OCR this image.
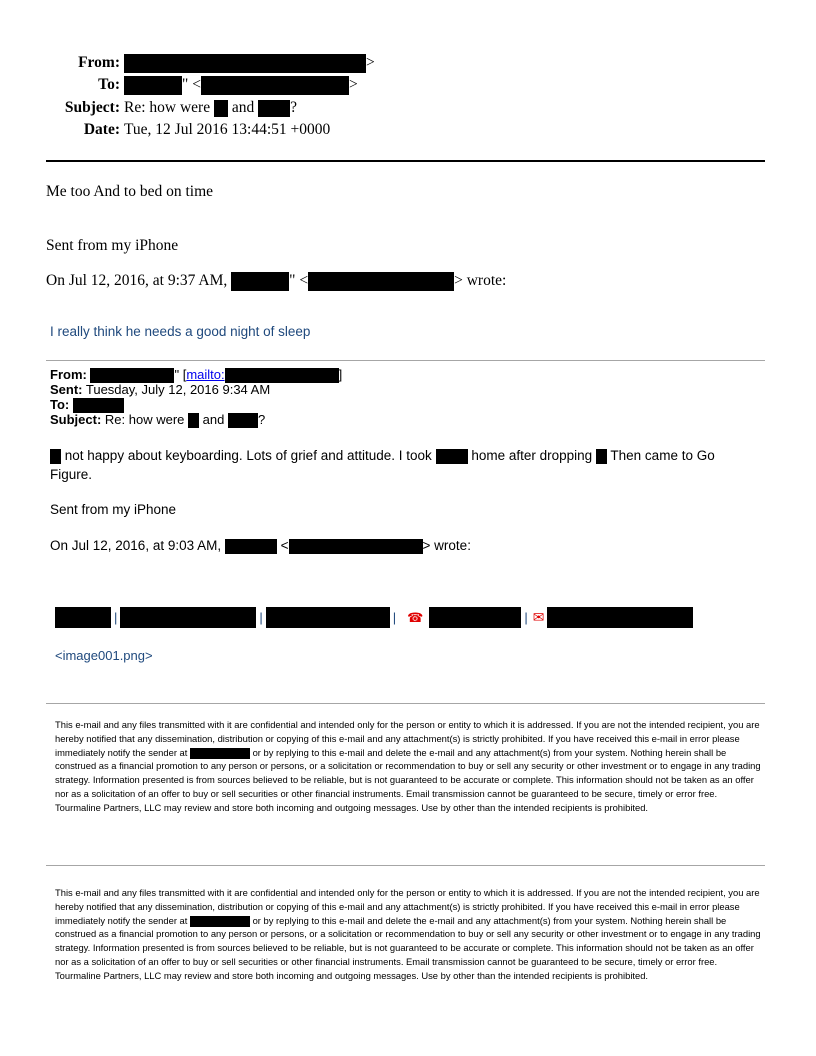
From:	>
To:	" <	>
Subject: Re: how were and ?
Date: Tue, 12 Jul 2016 13:44:51 +0000
Me too And to bed on time
Sent from my iPhone
On Jul 12, 2016, at 9:37 AM,	" <	> wrote:
I really think he needs a good night of sleep
From:	" [mailto:	]
Sent: Tuesday, July 12, 2016 9:34 AM
To:
Subject: Re: how were and	?
not happy about keyboarding. Lots of grief and attitude. I took	home after dropping  Then came to Go Figure.
Sent from my iPhone
On Jul 12, 2016, at 9:03 AM,	<	> wrote:
|	|	| ☎	| ✉
<image001.png>
This e-mail and any files transmitted with it are confidential and intended only for the person or entity to which it is addressed. If you are not the intended recipient, you are hereby notified that any dissemination, distribution or copying of this e-mail and any attachment(s) is strictly prohibited. If you have received this e-mail in error please immediately notify the sender at	or by replying to this e-mail and delete the e-mail and any attachment(s) from your system. Nothing herein shall be construed as a financial promotion to any person or persons, or a solicitation or recommendation to buy or sell any security or other investment or to engage in any trading strategy. Information presented is from sources believed to be reliable, but is not guaranteed to be accurate or complete. This information should not be taken as an offer nor as a solicitation of an offer to buy or sell securities or other financial instruments. Email transmission cannot be guaranteed to be secure, timely or error free. Tourmaline Partners, LLC may review and store both incoming and outgoing messages. Use by other than the intended recipients is prohibited.
This e-mail and any files transmitted with it are confidential and intended only for the person or entity to which it is addressed. If you are not the intended recipient, you are hereby notified that any dissemination, distribution or copying of this e-mail and any attachment(s) is strictly prohibited. If you have received this e-mail in error please immediately notify the sender at	or by replying to this e-mail and delete the e-mail and any attachment(s) from your system. Nothing herein shall be construed as a financial promotion to any person or persons, or a solicitation or recommendation to buy or sell any security or other investment or to engage in any trading strategy. Information presented is from sources believed to be reliable, but is not guaranteed to be accurate or complete. This information should not be taken as an offer nor as a solicitation of an offer to buy or sell securities or other financial instruments. Email transmission cannot be guaranteed to be secure, timely or error free. Tourmaline Partners, LLC may review and store both incoming and outgoing messages. Use by other than the intended recipients is prohibited.
